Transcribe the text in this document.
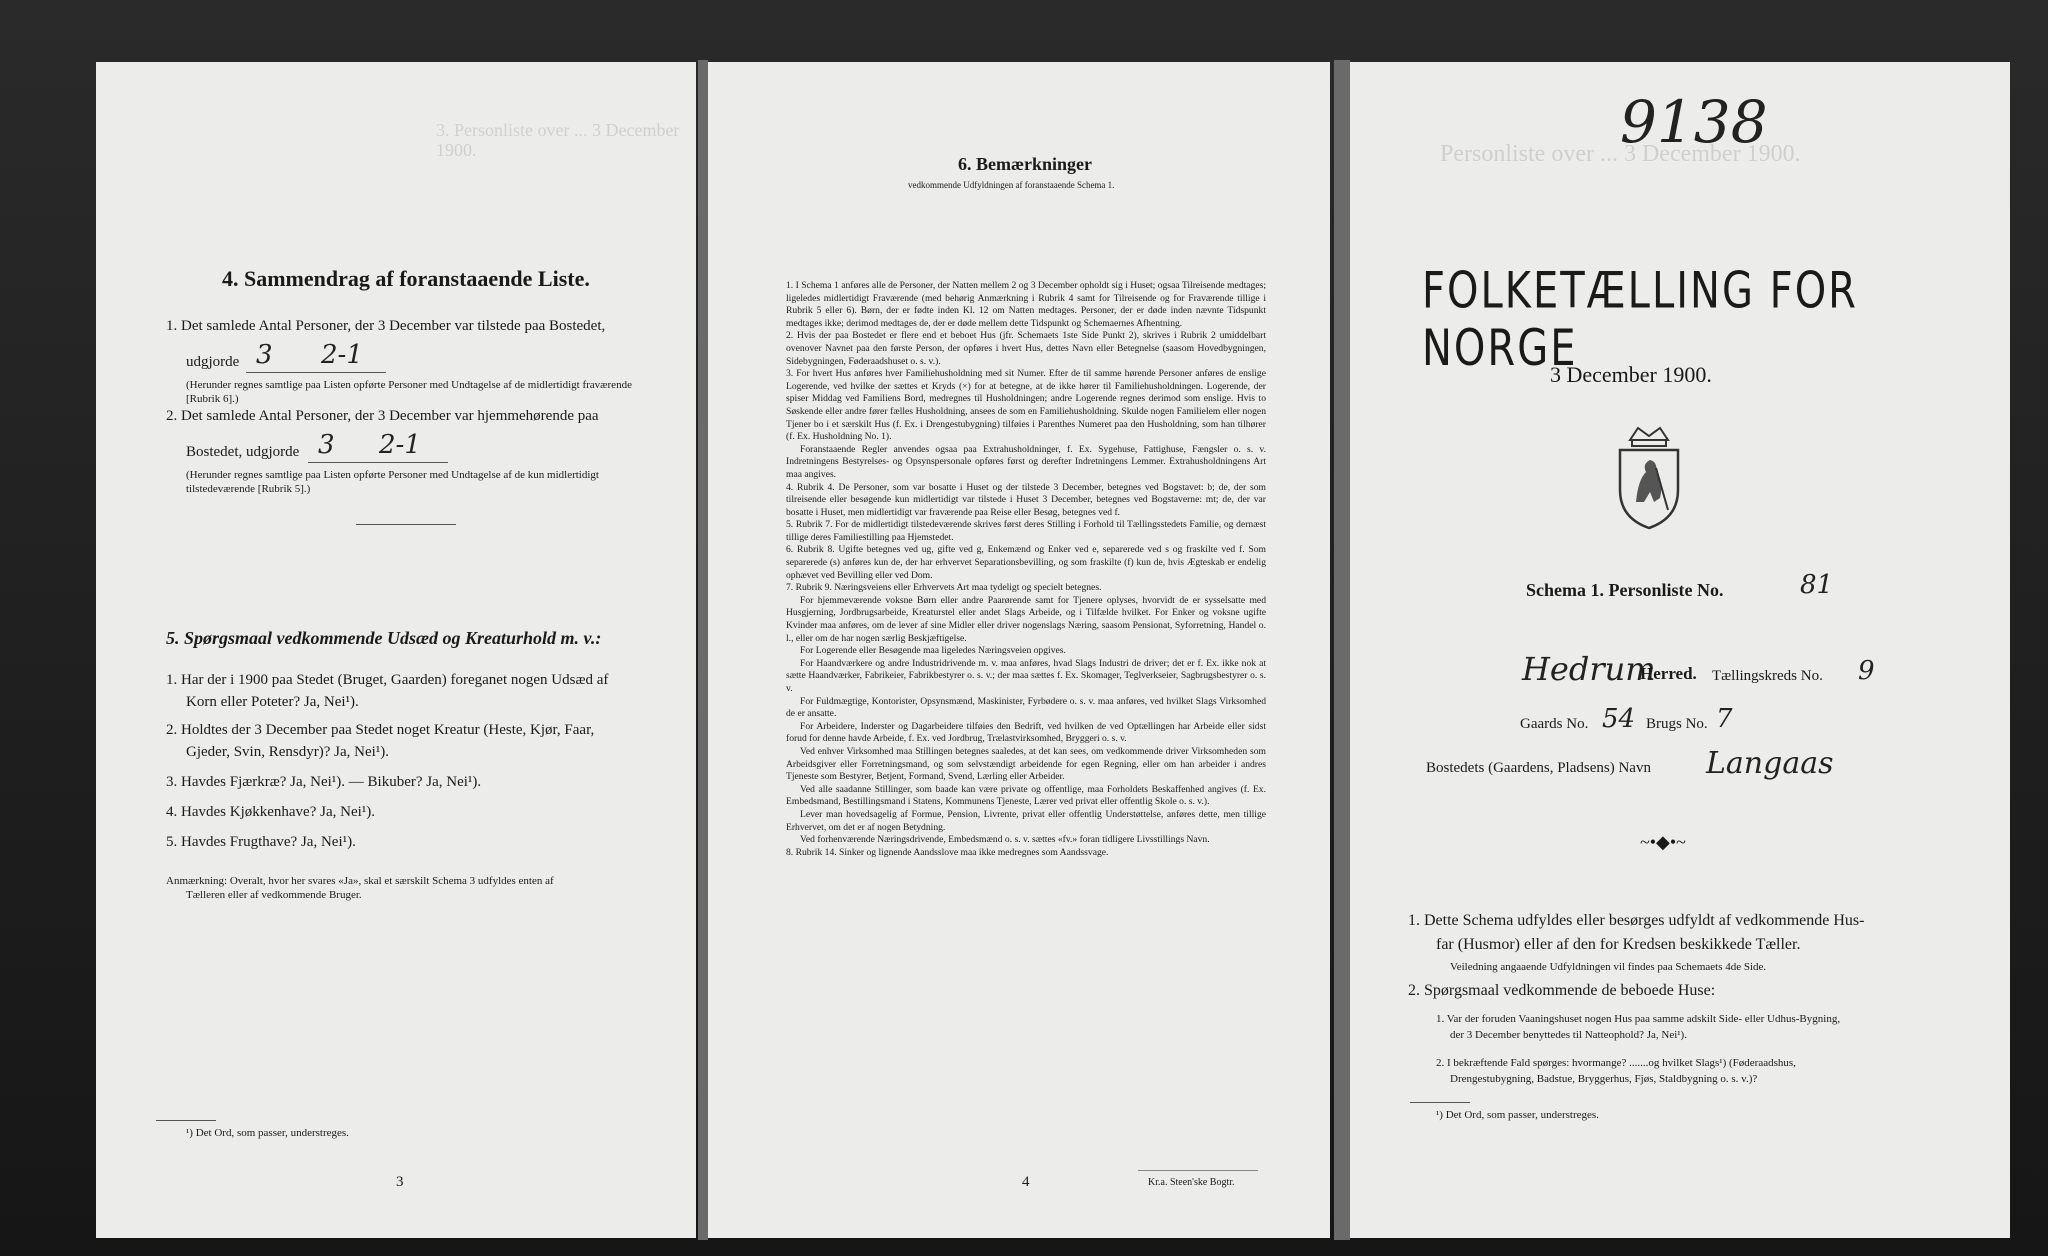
3. Personliste over ... 3 December 1900.
4. Sammendrag af foranstaaende Liste.
1. Det samlede Antal Personer, der 3 December var tilstede paa Bostedet,
udgjorde 3 2-1
(Herunder regnes samtlige paa Listen opførte Personer med Undtagelse af de midlertidigt fraværende [Rubrik 6].)
2. Det samlede Antal Personer, der 3 December var hjemmehørende paa
Bostedet, udgjorde 3 2-1
(Herunder regnes samtlige paa Listen opførte Personer med Undtagelse af de kun midlertidigt tilstedeværende [Rubrik 5].)
5. Spørgsmaal vedkommende Udsæd og Kreaturhold m. v.:
1. Har der i 1900 paa Stedet (Bruget, Gaarden) foreganet nogen Udsæd af
Korn eller Poteter? Ja, Nei¹).
2. Holdtes der 3 December paa Stedet noget Kreatur (Heste, Kjør, Faar,
Gjeder, Svin, Rensdyr)? Ja, Nei¹).
3. Havdes Fjærkræ? Ja, Nei¹). — Bikuber? Ja, Nei¹).
4. Havdes Kjøkkenhave? Ja, Nei¹).
5. Havdes Frugthave? Ja, Nei¹).
Anmærkning: Overalt, hvor her svares «Ja», skal et særskilt Schema 3 udfyldes enten af
Tælleren eller af vedkommende Bruger.
¹) Det Ord, som passer, understreges.
3
6. Bemærkninger
vedkommende Udfyldningen af foranstaaende Schema 1.

1. I Schema 1 anføres alle de Personer, der Natten mellem 2 og 3 December opholdt sig i Huset; ogsaa Tilreisende medtages; ligeledes midlertidigt Fraværende (med behørig Anmærkning i Rubrik 4 samt for Tilreisende og for Fraværende tillige i Rubrik 5 eller 6). Børn, der er fødte inden Kl. 12 om Natten medtages. Personer, der er døde inden nævnte Tidspunkt medtages ikke; derimod medtages de, der er døde mellem dette Tidspunkt og Schemaernes Afhentning.

2. Hvis der paa Bostedet er flere end et beboet Hus (jfr. Schemaets 1ste Side Punkt 2), skrives i Rubrik 2 umiddelbart ovenover Navnet paa den første Person, der opføres i hvert Hus, dettes Navn eller Betegnelse (saasom Hovedbygningen, Sidebygningen, Føderaadshuset o. s. v.).

3. For hvert Hus anføres hver Familiehusholdning med sit Numer. Efter de til samme hørende Personer anføres de enslige Logerende, ved hvilke der sættes et Kryds (×) for at betegne, at de ikke hører til Familiehusholdningen. Logerende, der spiser Middag ved Familiens Bord, medregnes til Husholdningen; andre Logerende regnes derimod som enslige. Hvis to Søskende eller andre fører fælles Husholdning, ansees de som en Familiehusholdning. Skulde nogen Familielem eller nogen Tjener bo i et særskilt Hus (f. Ex. i Drengestubygning) tilføies i Parenthes Numeret paa den Husholdning, som han tilhører (f. Ex. Husholdning No. 1).

Foranstaaende Regler anvendes ogsaa paa Extrahusholdninger, f. Ex. Sygehuse, Fattighuse, Fængsler o. s. v. Indretningens Bestyrelses- og Opsynspersonale opføres først og derefter Indretningens Lemmer. Extrahusholdningens Art maa angives.

4. Rubrik 4. De Personer, som var bosatte i Huset og der tilstede 3 December, betegnes ved Bogstavet: b; de, der som tilreisende eller besøgende kun midlertidigt var tilstede i Huset 3 December, betegnes ved Bogstaverne: mt; de, der var bosatte i Huset, men midlertidigt var fraværende paa Reise eller Besøg, betegnes ved f.

5. Rubrik 7. For de midlertidigt tilstedeværende skrives først deres Stilling i Forhold til Tællingsstedets Familie, og dernæst tillige deres Familiestilling paa Hjemstedet.

6. Rubrik 8. Ugifte betegnes ved ug, gifte ved g, Enkemænd og Enker ved e, separerede ved s og fraskilte ved f. Som separerede (s) anføres kun de, der har erhvervet Separationsbevilling, og som fraskilte (f) kun de, hvis Ægteskab er endelig ophævet ved Bevilling eller ved Dom.

7. Rubrik 9. Næringsveiens eller Erhvervets Art maa tydeligt og specielt betegnes.

For hjemmeværende voksne Børn eller andre Paarørende samt for Tjenere oplyses, hvorvidt de er sysselsatte med Husgjerning, Jordbrugsarbeide, Kreaturstel eller andet Slags Arbeide, og i Tilfælde hvilket. For Enker og voksne ugifte Kvinder maa anføres, om de lever af sine Midler eller driver nogenslags Næring, saasom Pensionat, Syforretning, Handel o. l., eller om de har nogen særlig Beskjæftigelse.

For Logerende eller Besøgende maa ligeledes Næringsveien opgives.

For Haandværkere og andre Industridrivende m. v. maa anføres, hvad Slags Industri de driver; det er f. Ex. ikke nok at sætte Haandværker, Fabrikeier, Fabrikbestyrer o. s. v.; der maa sættes f. Ex. Skomager, Teglverkseier, Sagbrugsbestyrer o. s. v.

For Fuldmægtige, Kontorister, Opsynsmænd, Maskinister, Fyrbødere o. s. v. maa anføres, ved hvilket Slags Virksomhed de er ansatte.

For Arbeidere, Inderster og Dagarbeidere tilføies den Bedrift, ved hvilken de ved Optællingen har Arbeide eller sidst forud for denne havde Arbeide, f. Ex. ved Jordbrug, Trælastvirksomhed, Bryggeri o. s. v.

Ved enhver Virksomhed maa Stillingen betegnes saaledes, at det kan sees, om vedkommende driver Virksomheden som Arbeidsgiver eller Forretningsmand, og som selvstændigt arbeidende for egen Regning, eller om han arbeider i andres Tjeneste som Bestyrer, Betjent, Formand, Svend, Lærling eller Arbeider.

Ved alle saadanne Stillinger, som baade kan være private og offentlige, maa Forholdets Beskaffenhed angives (f. Ex. Embedsmand, Bestillingsmand i Statens, Kommunens Tjeneste, Lærer ved privat eller offentlig Skole o. s. v.).

Lever man hovedsagelig af Formue, Pension, Livrente, privat eller offentlig Understøttelse, anføres dette, men tillige Erhvervet, om det er af nogen Betydning.

Ved forhenværende Næringsdrivende, Embedsmænd o. s. v. sættes «fv.» foran tidligere Livsstillings Navn.

8. Rubrik 14. Sinker og lignende Aandsslove maa ikke medregnes som Aandssvage.

4	Kr.a. Steen'ske Bogtr.
Personliste over ... 3 December 1900.
9138
FOLKETÆLLING FOR NORGE
3 December 1900.
Schema 1. Personliste No.	81
Hedrum
Herred. Tællingskreds No. 9
Gaards No. 54 Brugs No. 7
Bostedets (Gaardens, Pladsens) Navn Langaas
~•◆•~
1. Dette Schema udfyldes eller besørges udfyldt af vedkommende Hus-
far (Husmor) eller af den for Kredsen beskikkede Tæller.
Veiledning angaaende Udfyldningen vil findes paa Schemaets 4de Side.
2. Spørgsmaal vedkommende de beboede Huse:
1. Var der foruden Vaaningshuset nogen Hus paa samme adskilt Side- eller Udhus-Bygning,
der 3 December benyttedes til Natteophold? Ja, Nei¹).
2. I bekræftende Fald spørges: hvormange? .......og hvilket Slags¹) (Føderaadshus,
Drengestubygning, Badstue, Bryggerhus, Fjøs, Staldbygning o. s. v.)?
¹) Det Ord, som passer, understreges.
